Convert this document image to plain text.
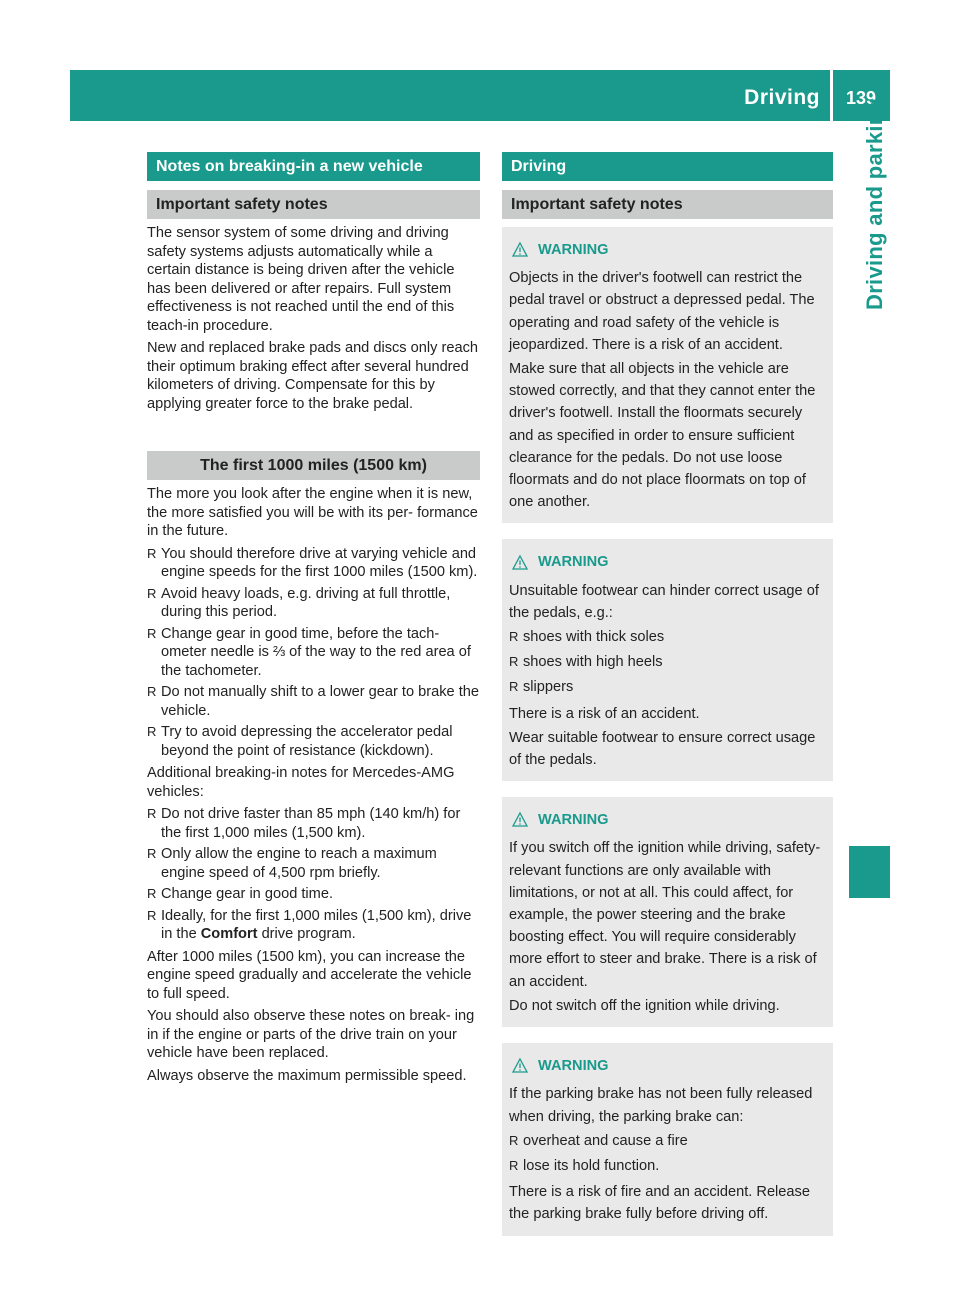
Driving	139
Driving and parking
Notes on breaking-in a new vehicle
Important safety notes

The sensor system of some driving and driving safety systems adjusts automatically while a certain distance is being driven after the vehicle has been delivered or after repairs. Full system effectiveness is not reached until the end of this teach-in procedure.

New and replaced brake pads and discs only reach their optimum braking effect after several hundred kilometers of driving. Compensate for this by applying greater force to the brake pedal.

The first 1000 miles (1500 km)

The more you look after the engine when it is new, the more satisfied you will be with its per- formance in the future.

R You should therefore drive at varying vehicle and engine speeds for the first 1000 miles (1500 km).
R Avoid heavy loads, e.g. driving at full throttle, during this period.
R Change gear in good time, before the tach- ometer needle is ⅔ of the way to the red area of the tachometer.
R Do not manually shift to a lower gear to brake the vehicle.
R Try to avoid depressing the accelerator pedal beyond the point of resistance (kickdown).

Additional breaking-in notes for Mercedes-AMG vehicles:

R Do not drive faster than 85 mph (140 km/h) for the first 1,000 miles (1,500 km).
R Only allow the engine to reach a maximum engine speed of 4,500 rpm briefly.
R Change gear in good time.
R Ideally, for the first 1,000 miles (1,500 km), drive in the Comfort drive program.

After 1000 miles (1500 km), you can increase the engine speed gradually and accelerate the vehicle to full speed.

You should also observe these notes on break- ing in if the engine or parts of the drive train on your vehicle have been replaced.

Always observe the maximum permissible speed.

Driving
Important safety notes
WARNING

Objects in the driver's footwell can restrict the pedal travel or obstruct a depressed pedal. The operating and road safety of the vehicle is jeopardized. There is a risk of an accident.

Make sure that all objects in the vehicle are stowed correctly, and that they cannot enter the driver's footwell. Install the floormats securely and as specified in order to ensure sufficient clearance for the pedals. Do not use loose floormats and do not place floormats on top of one another.

WARNING

Unsuitable footwear can hinder correct usage of the pedals, e.g.:

R shoes with thick soles
R shoes with high heels
R slippers

There is a risk of an accident.

Wear suitable footwear to ensure correct usage of the pedals.

WARNING

If you switch off the ignition while driving, safety-relevant functions are only available with limitations, or not at all. This could affect, for example, the power steering and the brake boosting effect. You will require considerably more effort to steer and brake. There is a risk of an accident.

Do not switch off the ignition while driving.

WARNING

If the parking brake has not been fully released when driving, the parking brake can:

R overheat and cause a fire
R lose its hold function.

There is a risk of fire and an accident. Release the parking brake fully before driving off.
